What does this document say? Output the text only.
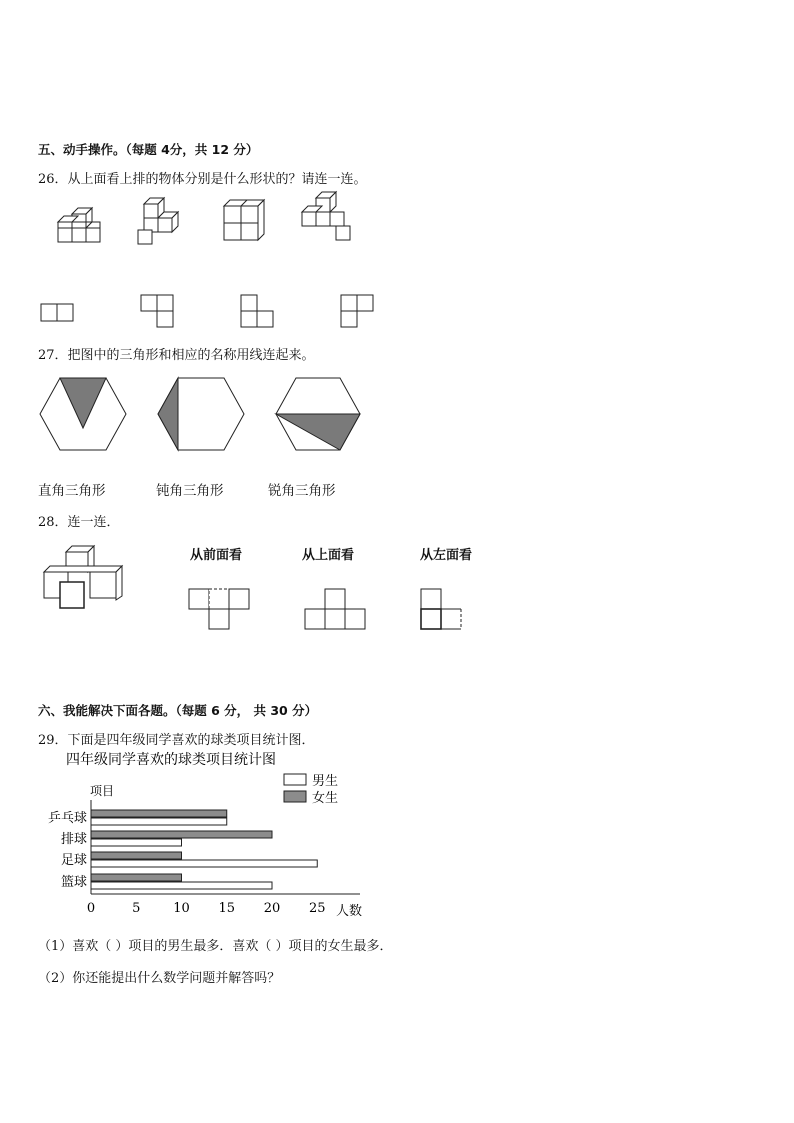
五、动手操作。（每题 4分，共 12 分）
26．从上面看上排的物体分别是什么形状的？请连一连。
27．把图中的三角形和相应的名称用线连起来。
直角三角形	钝角三角形	锐角三角形
28．连一连．
从前面看	从上面看	从左面看
六、我能解决下面各题。（每题 6 分， 共 30 分）
29．下面是四年级同学喜欢的球类项目统计图．
四年级同学喜欢的球类项目统计图
项目
人数
男生
女生
0	5	10 15 20 25
乒乓球
排球
足球
篮球
（1）喜欢（ ）项目的男生最多．喜欢（ ）项目的女生最多．
（2）你还能提出什么数学问题并解答吗？
